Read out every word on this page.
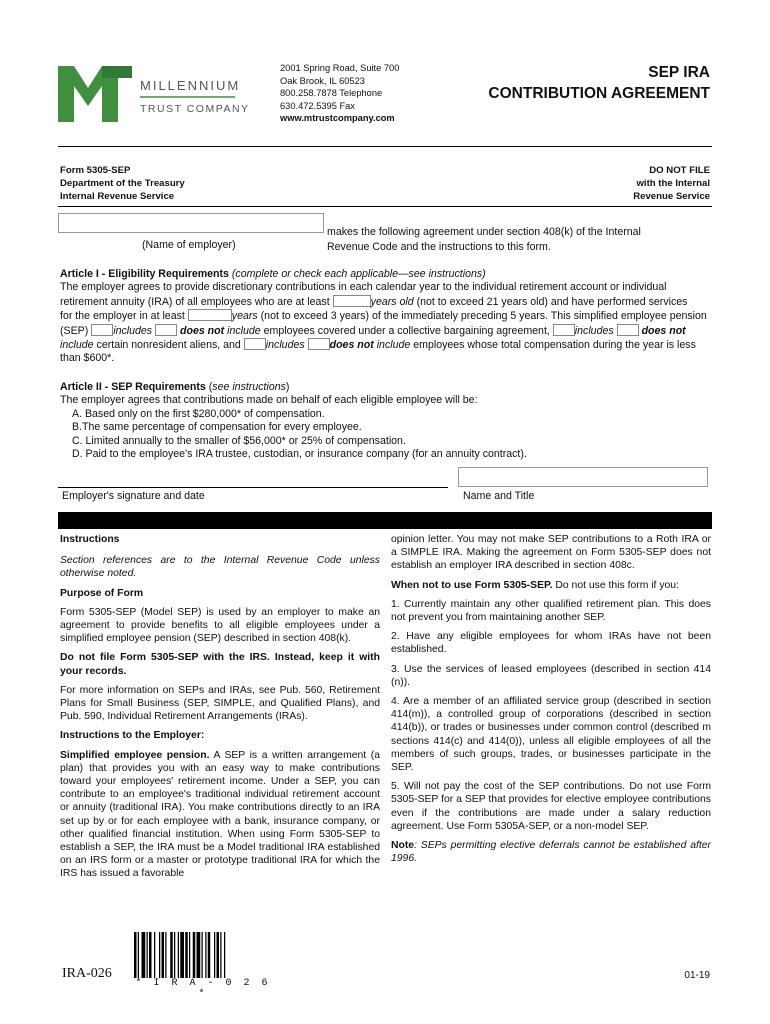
MILLENNIUM
TRUST COMPANY
2001 Spring Road, Suite 700
Oak Brook, IL 60523
800.258.7878 Telephone
630.472.5395 Fax
www.mtrustcompany.com
SEP IRA
CONTRIBUTION AGREEMENT
Form 5305-SEP
Department of the Treasury
Internal Revenue Service
DO NOT FILE
with the Internal
Revenue Service
(Name of employer)
makes the following agreement under section 408(k) of the Internal
Revenue Code and the instructions to this form.
Article I - Eligibility Requirements (complete or check each applicable—see instructions)
The employer agrees to provide discretionary contributions in each calendar year to the individual retirement account or individual
retirement annuity (IRA) of all employees who are at least	years old (not to exceed 21 years old) and have performed services
for the employer in at least	years (not to exceed 3 years) of the immediately preceding 5 years. This simplified employee pension
(SEP) includes	does not include employees covered under a collective bargaining agreement, includes	does not
include certain nonresident aliens, and includes does not include employees whose total compensation during the year is less
than $600*.
Article II - SEP Requirements (see instructions)
The employer agrees that contributions made on behalf of each eligible employee will be:
A. Based only on the first $280,000* of compensation.
B.The same percentage of compensation for every employee.
C. Limited annually to the smaller of $56,000* or 25% of compensation.
D. Paid to the employee's IRA trustee, custodian, or insurance company (for an annuity contract).
Employer's signature and date	Name and Title

Instructions

Section references are to the Internal Revenue Code unless otherwise noted.

Purpose of Form

Form 5305-SEP (Model SEP) is used by an employer to make an agreement to provide benefits to all eligible employees under a simplified employee pension (SEP) described in section 408(k).

Do not file Form 5305-SEP with the IRS. Instead, keep it with your records.

For more information on SEPs and IRAs, see Pub. 560, Retirement Plans for Small Business (SEP, SIMPLE, and Qualified Plans), and Pub. 590, Individual Retirement Arrangements (IRAs).

Instructions to the Employer:

Simplified employee pension. A SEP is a written arrangement (a plan) that provides you with an easy way to make contributions toward your employees' retirement income. Under a SEP, you can contribute to an employee's traditional individual retirement account or annuity (traditional IRA). You make contributions directly to an IRA set up by or for each employee with a bank, insurance company, or other qualified financial institution. When using Form 5305-SEP to establish a SEP, the IRA must be a Model traditional IRA established on an IRS form or a master or prototype traditional IRA for which the IRS has issued a favorable

opinion letter. You may not make SEP contributions to a Roth IRA or a SIMPLE IRA. Making the agreement on Form 5305-SEP does not establish an employer IRA described in section 408c.

When not to use Form 5305-SEP. Do not use this form if you:

1. Currently maintain any other qualified retirement plan. This does not prevent you from maintaining another SEP.

2. Have any eligible employees for whom IRAs have not been established.

3. Use the services of leased employees (described in section 414 (n)).

4. Are a member of an affiliated service group (described in section 414(m)), a controlled group of corporations (described in section 414(b)), or trades or businesses under common control (described m sections 414(c) and 414(0)), unless all eligible employees of all the members of such groups, trades, or businesses participate in the SEP.

5. Will not pay the cost of the SEP contributions. Do not use Form 5305-SEP for a SEP that provides for elective employee contributions even if the contributions are made under a salary reduction agreement. Use Form 5305A-SEP, or a non-model SEP.

Note: SEPs permitting elective deferrals cannot be established after 1996.

IRA-026
* I R A - 0 2 6 *
01-19
